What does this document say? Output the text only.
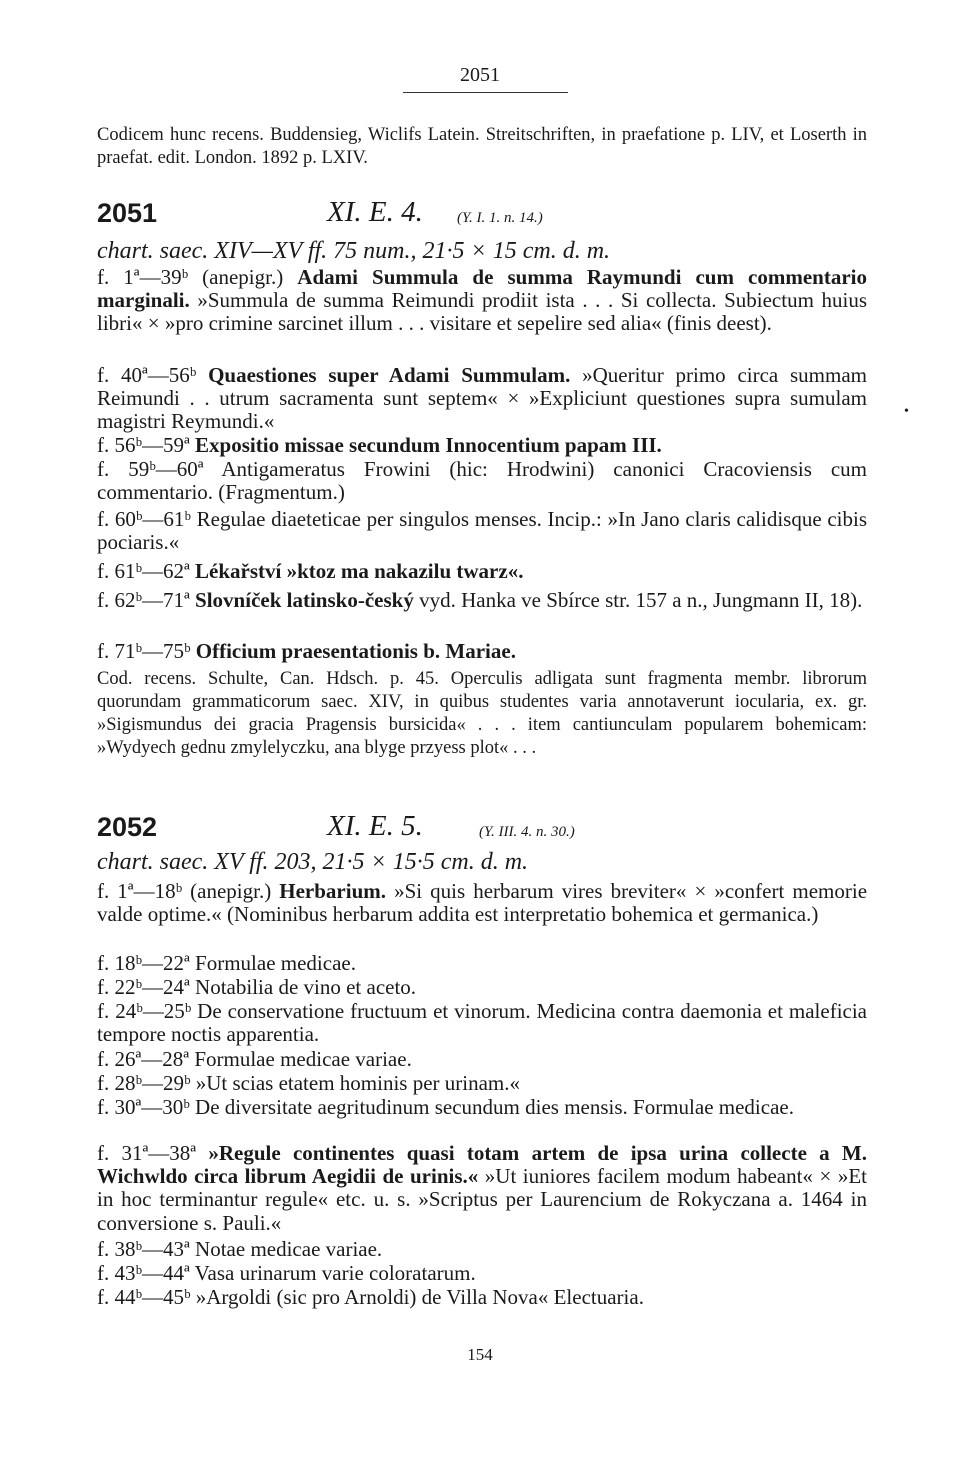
2051
Codicem hunc recens. Buddensieg, Wiclifs Latein. Streitschriften, in praefatione p. LIV, et Loserth in praefat. edit. London. 1892 p. LXIV.
2051	XI. E. 4. (Y. I. 1. n. 14.)
chart. saec. XIV—XV ff. 75 num., 21·5 × 15 cm. d. m.
f. 1ª—39ᵇ (anepigr.) Adami Summula de summa Raymundi cum commentario marginali. »Summula de summa Reimundi prodiit ista . . . Si collecta. Subiectum huius libri« × »pro crimine sarcinet illum . . . visitare et sepelire sed alia« (finis deest).
f. 40ª—56ᵇ Quaestiones super Adami Summulam. »Queritur primo circa summam Reimundi . . utrum sacramenta sunt septem« × »Expliciunt questiones supra sumulam magistri Reymundi.«
f. 56ᵇ—59ª Expositio missae secundum Innocentium papam III.
f. 59ᵇ—60ª Antigameratus Frowini (hic: Hrodwini) canonici Cracoviensis cum commentario. (Fragmentum.)
f. 60ᵇ—61ᵇ Regulae diaeteticae per singulos menses. Incip.: »In Jano claris calidisque cibis pociaris.«
f. 61ᵇ—62ª Lékařství »ktoz ma nakazilu twarz«.
f. 62ᵇ—71ª Slovníček latinsko-český vyd. Hanka ve Sbírce str. 157 a n., Jungmann II, 18).
f. 71ᵇ—75ᵇ Officium praesentationis b. Mariae.
Cod. recens. Schulte, Can. Hdsch. p. 45. Operculis adligata sunt fragmenta membr. librorum quorundam grammaticorum saec. XIV, in quibus studentes varia annotaverunt iocularia, ex. gr. »Sigismundus dei gracia Pragensis bursicida« . . . item cantiunculam popularem bohemicam: »Wydyech gednu zmylelyczku, ana blyge przyess plot« . . .
•
2052	XI. E. 5.	(Y. III. 4. n. 30.)
chart. saec. XV ff. 203, 21·5 × 15·5 cm. d. m.
f. 1ª—18ᵇ (anepigr.) Herbarium. »Si quis herbarum vires breviter« × »confert memorie valde optime.« (Nominibus herbarum addita est interpretatio bohemica et germanica.)
f. 18ᵇ—22ª Formulae medicae.
f. 22ᵇ—24ª Notabilia de vino et aceto.
f. 24ᵇ—25ᵇ De conservatione fructuum et vinorum. Medicina contra daemonia et maleficia tempore noctis apparentia.
f. 26ª—28ª Formulae medicae variae.
f. 28ᵇ—29ᵇ »Ut scias etatem hominis per urinam.«
f. 30ª—30ᵇ De diversitate aegritudinum secundum dies mensis. Formulae medicae.
f. 31ª—38ª »Regule continentes quasi totam artem de ipsa urina collecte a M. Wichwldo circa librum Aegidii de urinis.« »Ut iuniores facilem modum habeant« × »Et in hoc terminantur regule« etc. u. s. »Scriptus per Laurencium de Rokyczana a. 1464 in conversione s. Pauli.«
f. 38ᵇ—43ª Notae medicae variae.
f. 43ᵇ—44ª Vasa urinarum varie coloratarum.
f. 44ᵇ—45ᵇ »Argoldi (sic pro Arnoldi) de Villa Nova« Electuaria.
154
